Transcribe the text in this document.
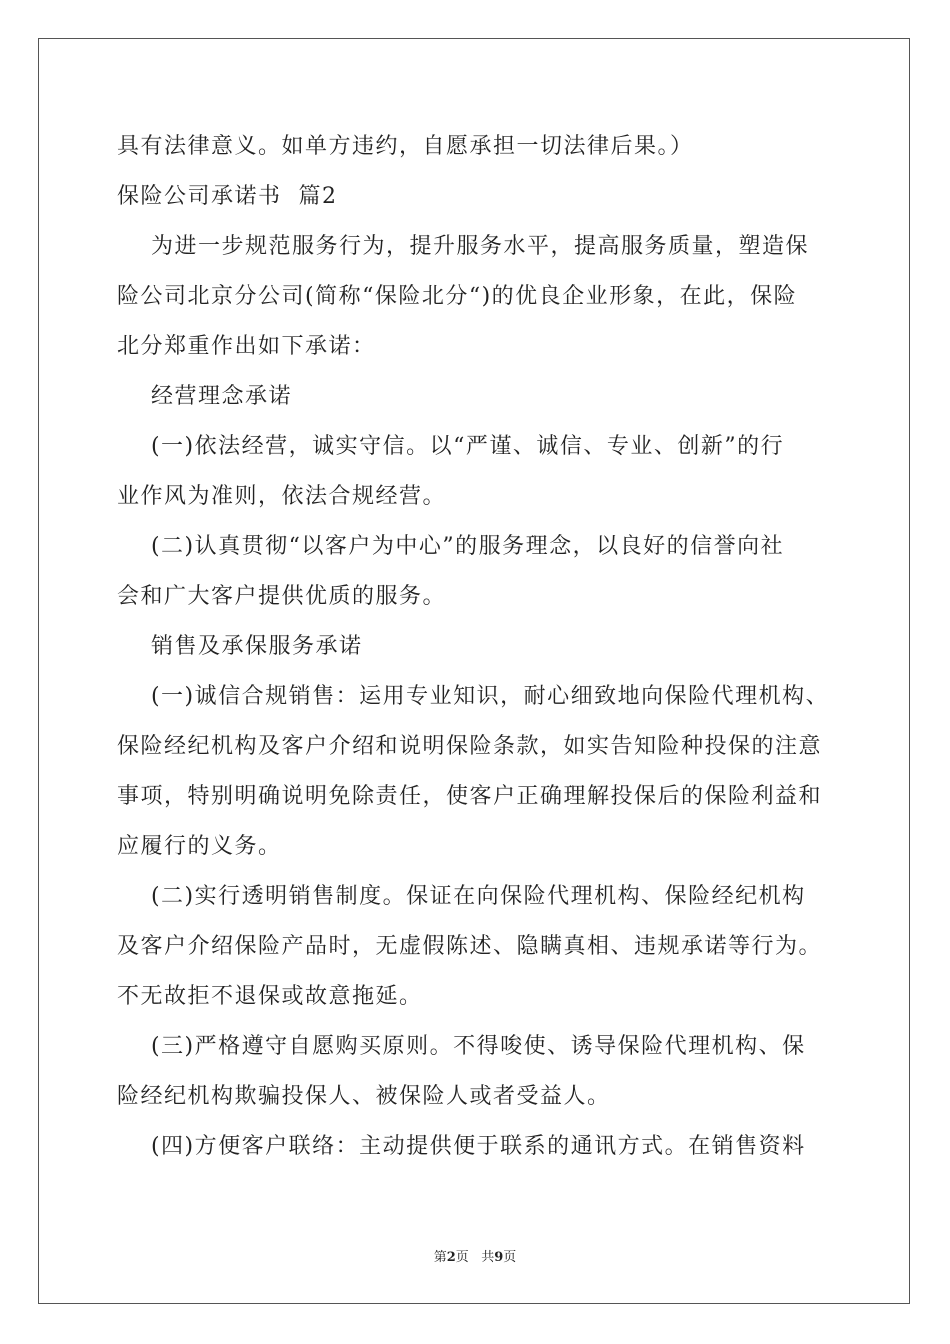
具有法律意义。如单方违约，自愿承担一切法律后果。）

保险公司承诺书  篇2

为进一步规范服务行为，提升服务水平，提高服务质量，塑造保

险公司北京分公司(简称“保险北分“)的优良企业形象，在此，保险

北分郑重作出如下承诺：

经营理念承诺

(一)依法经营，诚实守信。以“严谨、诚信、专业、创新”的行

业作风为准则，依法合规经营。

(二)认真贯彻“以客户为中心”的服务理念，以良好的信誉向社

会和广大客户提供优质的服务。

销售及承保服务承诺

(一)诚信合规销售：运用专业知识，耐心细致地向保险代理机构、

保险经纪机构及客户介绍和说明保险条款，如实告知险种投保的注意

事项，特别明确说明免除责任，使客户正确理解投保后的保险利益和

应履行的义务。

(二)实行透明销售制度。保证在向保险代理机构、保险经纪机构

及客户介绍保险产品时，无虚假陈述、隐瞒真相、违规承诺等行为。

不无故拒不退保或故意拖延。

(三)严格遵守自愿购买原则。不得唆使、诱导保险代理机构、保

险经纪机构欺骗投保人、被保险人或者受益人。

(四)方便客户联络：主动提供便于联系的通讯方式。在销售资料

第2页   共9页
